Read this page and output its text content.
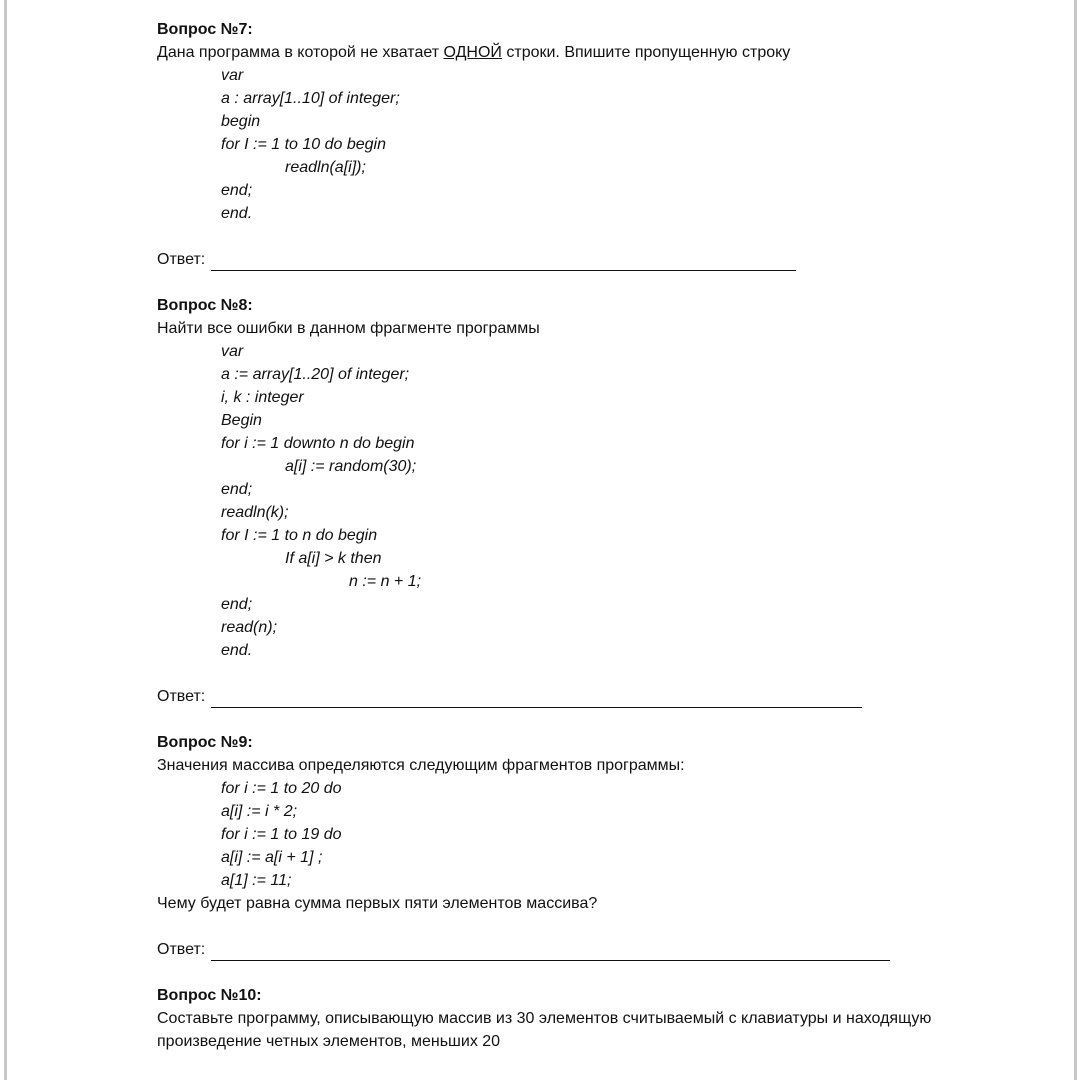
Вопрос №7:
Дана программа в которой не хватает ОДНОЙ строки. Впишите пропущенную строку
var
a : array[1..10] of integer;
begin
for I := 1 to 10 do begin
readln(a[i]);
end;
end.
Ответ:
Вопрос №8:
Найти все ошибки в данном фрагменте программы
var
a := array[1..20] of integer;
i, k : integer
Begin
for i := 1 downto n do begin
a[i] := random(30);
end;
readln(k);
for I := 1 to n do begin
If a[i] > k then
n := n + 1;
end;
read(n);
end.
Ответ:
Вопрос №9:
Значения массива определяются следующим фрагментов программы:
for i := 1 to 20 do
a[i] := i * 2;
for i := 1 to 19 do
a[i] := a[i + 1] ;
a[1] := 11;
Чему будет равна сумма первых пяти элементов массива?
Ответ:
Вопрос №10:
Составьте программу, описывающую массив из 30 элементов считываемый с клавиатуры и находящую произведение четных элементов, меньших 20
